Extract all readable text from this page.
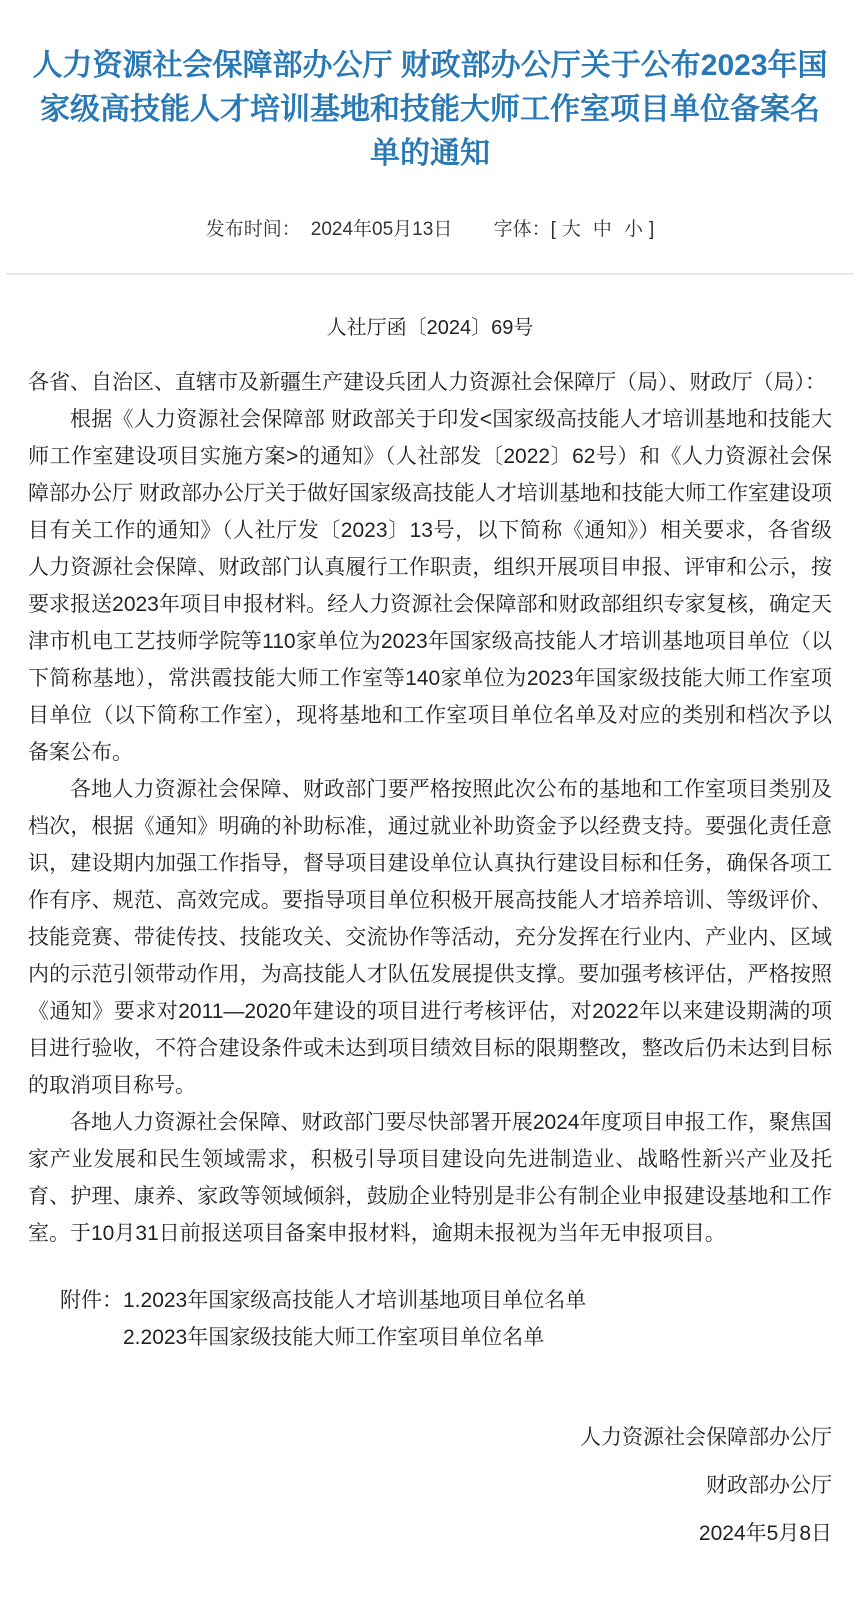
人力资源社会保障部办公厅 财政部办公厅关于公布2023年国家级高技能人才培训基地和技能大师工作室项目单位备案名单的通知
发布时间： 2024年05月13日 字体：[ 大 中 小 ]
人社厅函〔2024〕69号

各省、自治区、直辖市及新疆生产建设兵团人力资源社会保障厅（局）、财政厅（局）：

根据《人力资源社会保障部 财政部关于印发<国家级高技能人才培训基地和技能大师工作室建设项目实施方案>的通知》（人社部发〔2022〕62号）和《人力资源社会保障部办公厅 财政部办公厅关于做好国家级高技能人才培训基地和技能大师工作室建设项目有关工作的通知》（人社厅发〔2023〕13号，以下简称《通知》）相关要求，各省级人力资源社会保障、财政部门认真履行工作职责，组织开展项目申报、评审和公示，按要求报送2023年项目申报材料。经人力资源社会保障部和财政部组织专家复核，确定天津市机电工艺技师学院等110家单位为2023年国家级高技能人才培训基地项目单位（以下简称基地），常洪霞技能大师工作室等140家单位为2023年国家级技能大师工作室项目单位（以下简称工作室），现将基地和工作室项目单位名单及对应的类别和档次予以备案公布。

各地人力资源社会保障、财政部门要严格按照此次公布的基地和工作室项目类别及档次，根据《通知》明确的补助标准，通过就业补助资金予以经费支持。要强化责任意识，建设期内加强工作指导，督导项目建设单位认真执行建设目标和任务，确保各项工作有序、规范、高效完成。要指导项目单位积极开展高技能人才培养培训、等级评价、技能竞赛、带徒传技、技能攻关、交流协作等活动，充分发挥在行业内、产业内、区域内的示范引领带动作用，为高技能人才队伍发展提供支撑。要加强考核评估，严格按照《通知》要求对2011—2020年建设的项目进行考核评估，对2022年以来建设期满的项目进行验收，不符合建设条件或未达到项目绩效目标的限期整改，整改后仍未达到目标的取消项目称号。

各地人力资源社会保障、财政部门要尽快部署开展2024年度项目申报工作，聚焦国家产业发展和民生领域需求，积极引导项目建设向先进制造业、战略性新兴产业及托育、护理、康养、家政等领域倾斜，鼓励企业特别是非公有制企业申报建设基地和工作室。于10月31日前报送项目备案申报材料，逾期未报视为当年无申报项目。

附件： 1.2023年国家级高技能人才培训基地项目单位名单
2.2023年国家级技能大师工作室项目单位名单
人力资源社会保障部办公厅
财政部办公厅
2024年5月8日
